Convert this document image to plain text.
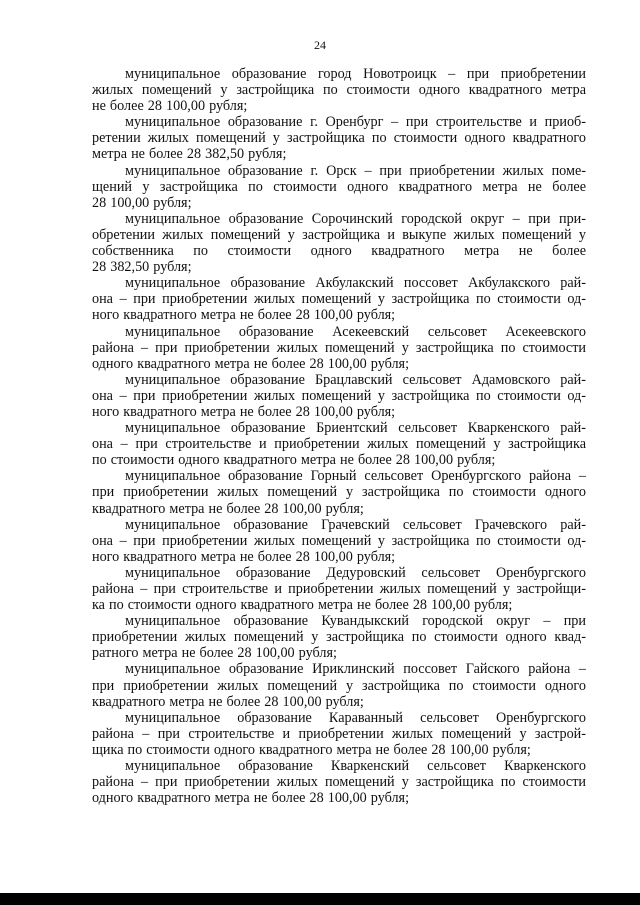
24
муниципальное образование город Новотроицк – при приобретении
жилых помещений у застройщика по стоимости одного квадратного метра
не более 28 100,00 рубля;
муниципальное образование г. Оренбург – при строительстве и приоб-
ретении жилых помещений у застройщика по стоимости одного квадратного
метра не более 28 382,50 рубля;
муниципальное образование г. Орск – при приобретении жилых поме-
щений у застройщика по стоимости одного квадратного метра не более
28 100,00 рубля;
муниципальное образование Сорочинский городской округ – при при-
обретении жилых помещений у застройщика и выкупе жилых помещений у
собственника по стоимости одного квадратного метра не более
28 382,50 рубля;
муниципальное образование Акбулакский поссовет Акбулакского рай-
она – при приобретении жилых помещений у застройщика по стоимости од-
ного квадратного метра не более 28 100,00 рубля;
муниципальное образование Асекеевский сельсовет Асекеевского
района – при приобретении жилых помещений у застройщика по стоимости
одного квадратного метра не более 28 100,00 рубля;
муниципальное образование Брацлавский сельсовет Адамовского рай-
она – при приобретении жилых помещений у застройщика по стоимости од-
ного квадратного метра не более 28 100,00 рубля;
муниципальное образование Бриентский сельсовет Кваркенского рай-
она – при строительстве и приобретении жилых помещений у застройщика
по стоимости одного квадратного метра не более 28 100,00 рубля;
муниципальное образование Горный сельсовет Оренбургского района –
при приобретении жилых помещений у застройщика по стоимости одного
квадратного метра не более 28 100,00 рубля;
муниципальное образование Грачевский сельсовет Грачевского рай-
она – при приобретении жилых помещений у застройщика по стоимости од-
ного квадратного метра не более 28 100,00 рубля;
муниципальное образование Дедуровский сельсовет Оренбургского
района – при строительстве и приобретении жилых помещений у застройщи-
ка по стоимости одного квадратного метра не более 28 100,00 рубля;
муниципальное образование Кувандыкский городской округ – при
приобретении жилых помещений у застройщика по стоимости одного квад-
ратного метра не более 28 100,00 рубля;
муниципальное образование Ириклинский поссовет Гайского района –
при приобретении жилых помещений у застройщика по стоимости одного
квадратного метра не более 28 100,00 рубля;
муниципальное образование Караванный сельсовет Оренбургского
района – при строительстве и приобретении жилых помещений у застрой-
щика по стоимости одного квадратного метра не более 28 100,00 рубля;
муниципальное образование Кваркенский сельсовет Кваркенского
района – при приобретении жилых помещений у застройщика по стоимости
одного квадратного метра не более 28 100,00 рубля;
